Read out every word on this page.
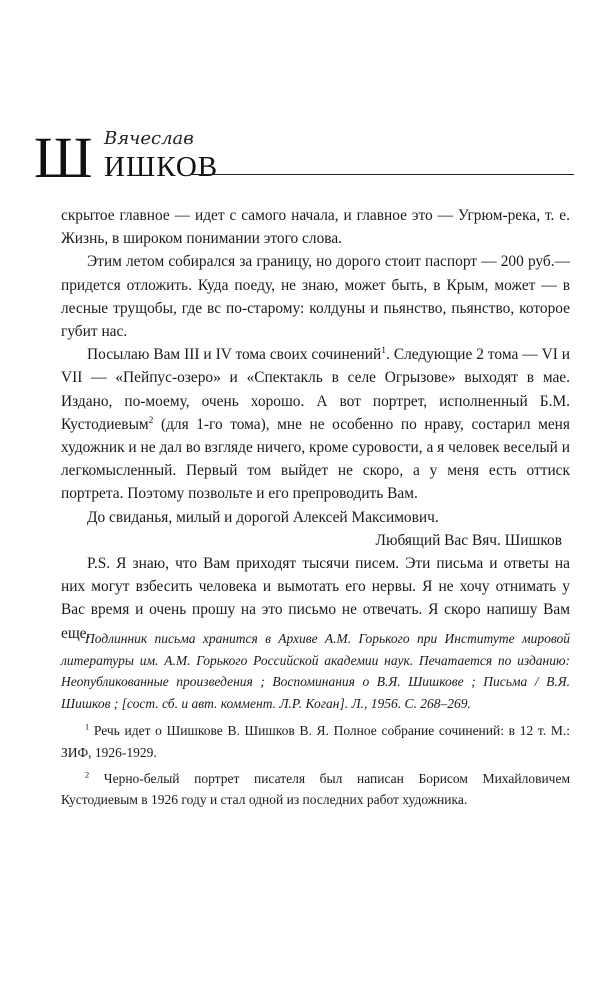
Ш Вячеслав
ИШКОВ

скрытое главное — идет с самого начала, и главное это — Угрюм-река, т. е. Жизнь, в широком понимании этого слова.

Этим летом собирался за границу, но дорого стоит паспорт — 200 руб.— придется отложить. Куда поеду, не знаю, может быть, в Крым, может — в лесные трущобы, где вс по-старому: колдуны и пьянство, пьянство, которое губит нас.

Посылаю Вам III и IV тома своих сочинений$^1$. Следующие 2 тома — VI и VII — «Пейпус-озеро» и «Спектакль в селе Огрызове» выходят в мае. Издано, по-моему, очень хорошо. А вот портрет, исполненный Б.М. Кустодиевым$^2$ (для 1-го тома), мне не особенно по нраву, состарил меня художник и не дал во взгляде ничего, кроме суровости, а я человек веселый и легкомысленный. Первый том выйдет не скоро, а у меня есть оттиск портрета. Поэтому позвольте и его препроводить Вам.

До свиданья, милый и дорогой Алексей Максимович.

Любящий Вас Вяч. Шишков

P.S. Я знаю, что Вам приходят тысячи писем. Эти письма и ответы на них могут взбесить человека и вымотать его нервы. Я не хочу отнимать у Вас время и очень прошу на это письмо не отвечать. Я скоро напишу Вам еще.

Подлинник письма хранится в Архиве А.М. Горького при Институте мировой литературы им. А.М. Горького Российской академии наук. Печатается по изданию: Неопубликованные произведения ; Воспоминания о В.Я. Шишкове ; Письма / В.Я. Шишков ; [сост. сб. и авт. коммент. Л.Р. Коган]. Л., 1956. С. 268–269.

$^1$ Речь идет о Шишкове В. Шишков В. Я. Полное собрание сочинений: в 12 т. М.: ЗИФ, 1926-1929.

$^2$ Черно-белый портрет писателя был написан Борисом Михайловичем Кустодиевым в 1926 году и стал одной из последних работ художника.
